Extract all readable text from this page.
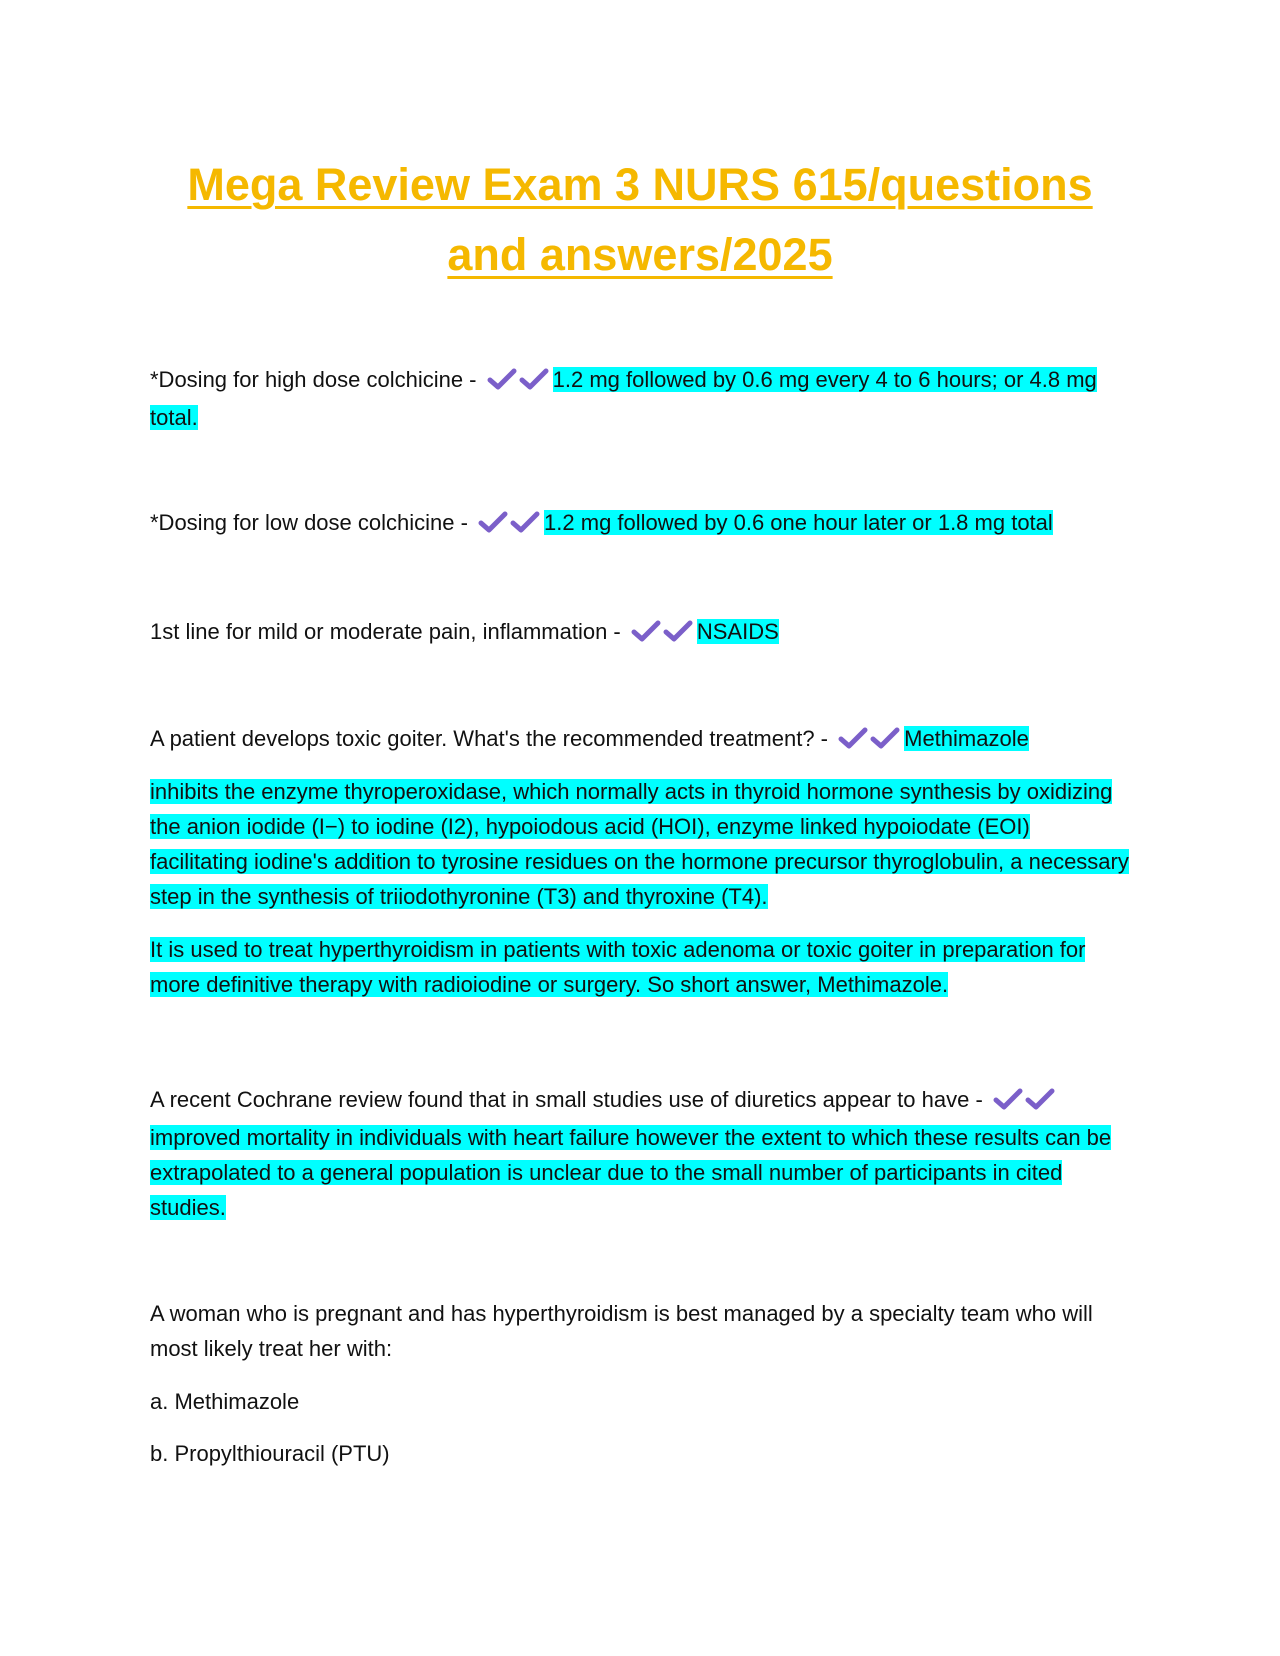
Mega Review Exam 3 NURS 615/questions and answers/2025

*Dosing for high dose colchicine -	1.2 mg followed by 0.6 mg every 4 to 6 hours; or 4.8 mg total.

*Dosing for low dose colchicine -	1.2 mg followed by 0.6 one hour later or 1.8 mg total

1st line for mild or moderate pain, inflammation -	NSAIDS

A patient develops toxic goiter. What's the recommended treatment? -	Methimazole

inhibits the enzyme thyroperoxidase, which normally acts in thyroid hormone synthesis by oxidizing the anion iodide (I−) to iodine (I2), hypoiodous acid (HOI), enzyme linked hypoiodate (EOI) facilitating iodine's addition to tyrosine residues on the hormone precursor thyroglobulin, a necessary step in the synthesis of triiodothyronine (T3) and thyroxine (T4).

It is used to treat hyperthyroidism in patients with toxic adenoma or toxic goiter in preparation for more definitive therapy with radioiodine or surgery. So short answer, Methimazole.

A recent Cochrane review found that in small studies use of diuretics appear to have - improved mortality in individuals with heart failure however the extent to which these results can be extrapolated to a general population is unclear due to the small number of participants in cited studies.

A woman who is pregnant and has hyperthyroidism is best managed by a specialty team who will most likely treat her with:

a. Methimazole

b. Propylthiouracil (PTU)
